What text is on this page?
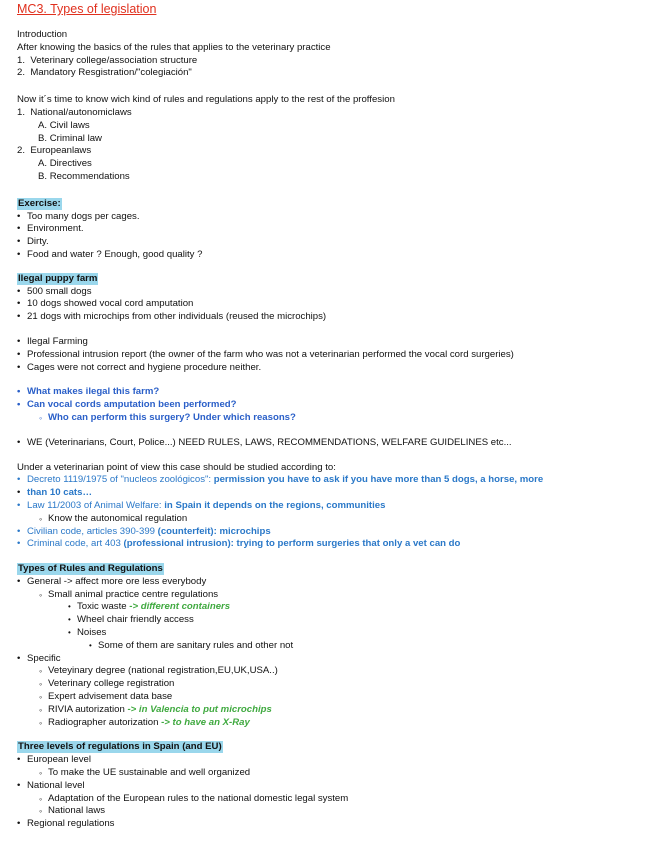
MC3. Types of legislation
Introduction
After knowing the basics of the rules that applies to the veterinary practice
1. Veterinary college/association structure
2. Mandatory Resgistration/"colegiación"
Now it´s time to know wich kind of rules and regulations apply to the rest of the proffesion
1. National/autonomiclaws
A. Civil laws
B. Criminal law
2. Europeanlaws
A. Directives
B. Recommendations
Exercise:
• Too many dogs per cages.
• Environment.
• Dirty.
• Food and water ? Enough, good quality ?
Ilegal puppy farm
• 500 small dogs
• 10 dogs showed vocal cord amputation
• 21 dogs with microchips from other individuals (reused the microchips)
• Ilegal Farming
• Professional intrusion report (the owner of the farm who was not a veterinarian performed the vocal cord surgeries)
• Cages were not correct and hygiene procedure neither.
• What makes ilegal this farm?
• Can vocal cords amputation been performed?
◦ Who can perform this surgery? Under which reasons?
• WE (Veterinarians, Court, Police...) NEED RULES, LAWS, RECOMMENDATIONS, WELFARE GUIDELINES etc...
Under a veterinarian point of view this case should be studied according to:
• Decreto 1119/1975 of "nucleos zoológicos": permission you have to ask if you have more than 5 dogs, a horse, more
• than 10 cats…
• Law 11/2003 of Animal Welfare: in Spain it depends on the regions, communities
◦ Know the autonomical regulation
• Civilian code, articles 390-399 (counterfeit): microchips
• Criminal code, art 403 (professional intrusion): trying to perform surgeries that only a vet can do
Types of Rules and Regulations
• General -> affect more ore less everybody
◦ Small animal practice centre regulations
• Toxic waste -> different containers
• Wheel chair friendly access
• Noises
• Some of them are sanitary rules and other not
• Specific
◦ Veteyinary degree (national registration,EU,UK,USA..)
◦ Veterinary college registration
◦ Expert advisement data base
◦ RIVIA autorization -> in Valencia to put microchips
◦ Radiographer autorization -> to have an X-Ray
Three levels of regulations in Spain (and EU)
• European level
◦ To make the UE sustainable and well organized
• National level
◦ Adaptation of the European rules to the national domestic legal system
◦ National laws
• Regional regulations
